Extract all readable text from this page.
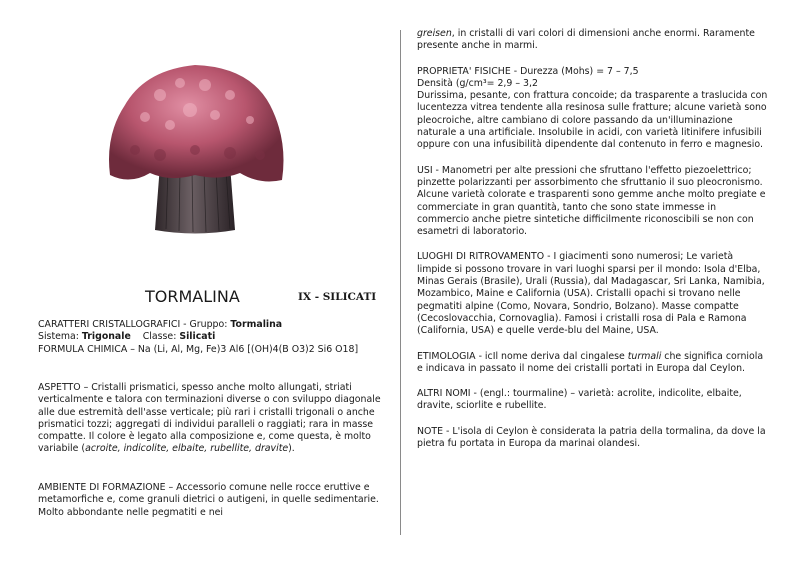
TORMALINA	IX - SILICATI
CARATTERI CRISTALLOGRAFICI - Gruppo: Tormalina
Sistema: Trigonale Classe: Silicati
FORMULA CHIMICA – Na (Li, Al, Mg, Fe)3 Al6 [(OH)4(B O3)2 Si6 O18]
ASPETTO – Cristalli prismatici, spesso anche molto allungati, striati verticalmente e talora con terminazioni diverse o con sviluppo diagonale alle due estremità dell'asse verticale; più rari i cristalli trigonali o anche prismatici tozzi; aggregati di individui paralleli o raggiati; rara in masse compatte. Il colore è legato alla composizione e, come questa, è molto variabile (acroite, indicolite, elbaite, rubellite, dravite).
AMBIENTE DI FORMAZIONE – Accessorio comune nelle rocce eruttive e metamorfiche e, come granuli dietrici o autigeni, in quelle sedimentarie. Molto abbondante nelle pegmatiti e nei

greisen, in cristalli di vari colori di dimensioni anche enormi. Raramente presente anche in marmi.

PROPRIETA' FISICHE - Durezza (Mohs) = 7 – 7,5
Densità (g/cm³= 2,9 – 3,2
Durissima, pesante, con frattura concoide; da trasparente a traslucida con lucentezza vitrea tendente alla resinosa sulle fratture; alcune varietà sono pleocroiche, altre cambiano di colore passando da un'illuminazione naturale a una artificiale. Insolubile in acidi, con varietà litinifere infusibili oppure con una infusibilità dipendente dal contenuto in ferro e magnesio.

USI - Manometri per alte pressioni che sfruttano l'effetto piezoelettrico; pinzette polarizzanti per assorbimento che sfruttanio il suo pleocronismo. Alcune varietà colorate e trasparenti sono gemme anche molto pregiate e commerciate in gran quantità, tanto che sono state immesse in commercio anche pietre sintetiche difficilmente riconoscibili se non con esametri di laboratorio.

LUOGHI DI RITROVAMENTO - I giacimenti sono numerosi; Le varietà limpide si possono trovare in vari luoghi sparsi per il mondo: Isola d'Elba, Minas Gerais (Brasile), Urali (Russia), dal Madagascar, Sri Lanka, Namibia, Mozambico, Maine e California (USA). Cristalli opachi si trovano nelle pegmatiti alpine (Como, Novara, Sondrio, Bolzano). Masse compatte (Cecoslovacchia, Cornovaglia). Famosi i cristalli rosa di Pala e Ramona (California, USA) e quelle verde-blu del Maine, USA.

ETIMOLOGIA - icIl nome deriva dal cingalese turmali che significa corniola e indicava in passato il nome dei cristalli portati in Europa dal Ceylon.

ALTRI NOMI - (engl.: tourmaline) – varietà: acrolite, indicolite, elbaite, dravite, sciorlite e rubellite.

NOTE - L'isola di Ceylon è considerata la patria della tormalina, da dove la pietra fu portata in Europa da marinai olandesi.
